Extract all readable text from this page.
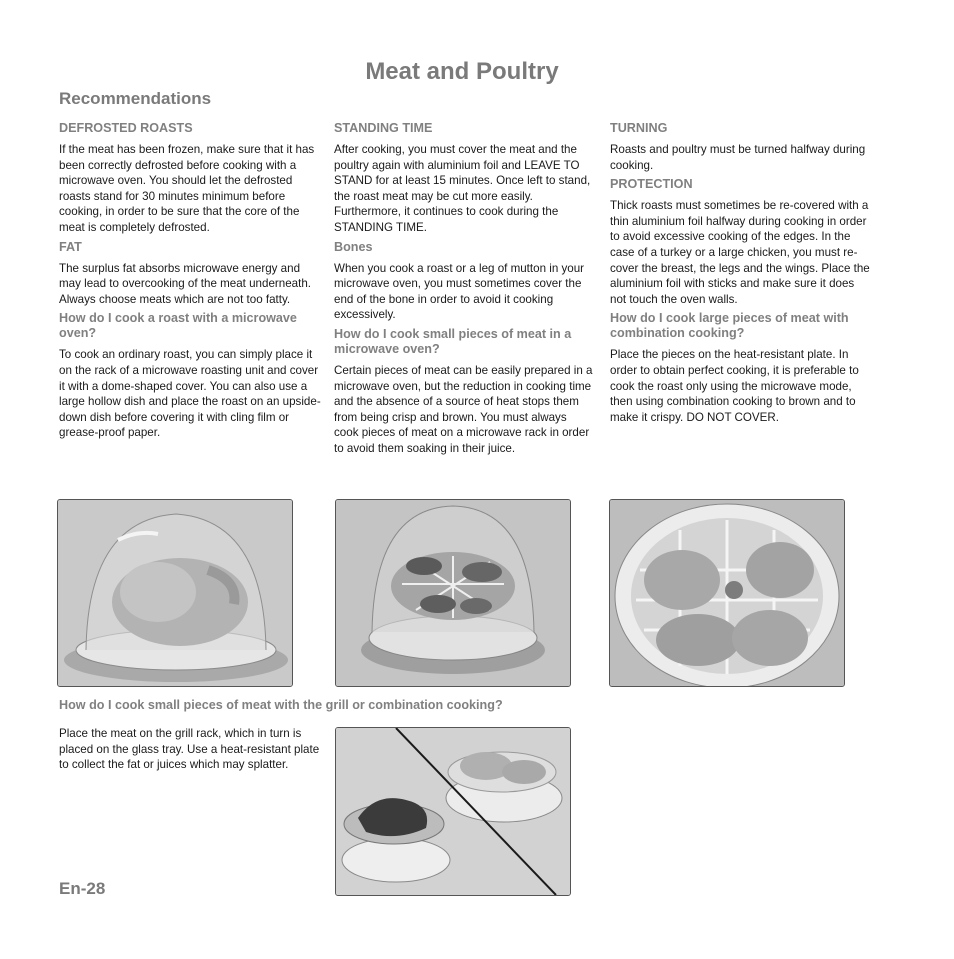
Meat and Poultry
Recommendations
DEFROSTED ROASTS

If the meat has been frozen, make sure that it has been correctly defrosted before cooking with a microwave oven. You should let the defrosted roasts stand for 30 minutes minimum before cooking, in order to be sure that the core of the meat is completely defrosted.

FAT

The surplus fat absorbs microwave energy and may lead to overcooking of the meat underneath. Always choose meats which are not too fatty.

How do I cook a roast with a microwave oven?

To cook an ordinary roast, you can simply place it on the rack of a microwave roasting unit and cover it with a dome-shaped cover. You can also use a large hollow dish and place the roast on an upside-down dish before covering it with cling film or grease-proof paper.

STANDING TIME

After cooking, you must cover the meat and the poultry again with aluminium foil and LEAVE TO STAND for at least 15 minutes. Once left to stand, the roast meat may be cut more easily. Furthermore, it continues to cook during the STANDING TIME.

Bones

When you cook a roast or a leg of mutton in your microwave oven, you must sometimes cover the end of the bone in order to avoid it cooking excessively.

How do I cook small pieces of meat in a microwave oven?

Certain pieces of meat can be easily prepared in a microwave oven, but the reduction in cooking time and the absence of a source of heat stops them from being crisp and brown. You must always cook pieces of meat on a microwave rack in order to avoid them soaking in their juice.

TURNING

Roasts and poultry must be turned halfway during cooking.

PROTECTION

Thick roasts must sometimes be re-covered with a thin aluminium foil halfway during cooking in order to avoid excessive cooking of the edges. In the case of a turkey or a large chicken, you must re-cover the breast, the legs and the wings. Place the aluminium foil with sticks and make sure it does not touch the oven walls.

How do I cook large pieces of meat with combination cooking?

Place the pieces on the heat-resistant plate. In order to obtain perfect cooking, it is preferable to cook the roast only using the microwave mode, then using combination cooking to brown and to make it crispy. DO NOT COVER.

How do I cook small pieces of meat with the grill or combination cooking?

Place the meat on the grill rack, which in turn is placed on the glass tray. Use a heat-resistant plate to collect the fat or juices which may splatter.

En-28
